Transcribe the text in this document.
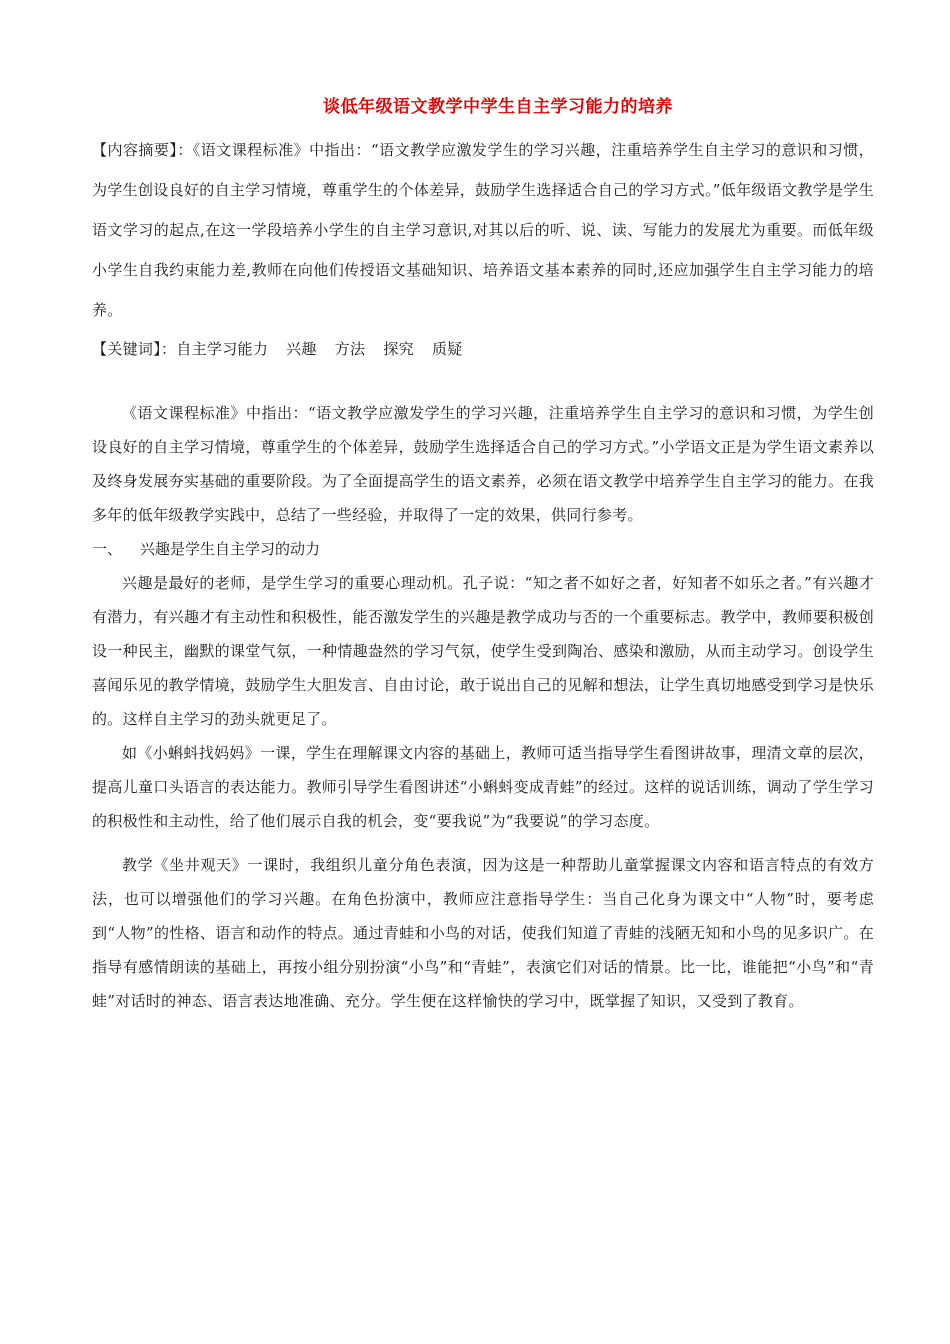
谈低年级语文教学中学生自主学习能力的培养

【内容摘要】：《语文课程标准》中指出：“语文教学应激发学生的学习兴趣，注重培养学生自主学习的意识和习惯，为学生创设良好的自主学习情境，尊重学生的个体差异，鼓励学生选择适合自己的学习方式。”低年级语文教学是学生语文学习的起点,在这一学段培养小学生的自主学习意识,对其以后的听、说、读、写能力的发展尤为重要。而低年级小学生自我约束能力差,教师在向他们传授语文基础知识、培养语文基本素养的同时,还应加强学生自主学习能力的培养。

【关键词】：自主学习能力 兴趣 方法 探究 质疑

《语文课程标准》中指出：“语文教学应激发学生的学习兴趣，注重培养学生自主学习的意识和习惯，为学生创设良好的自主学习情境，尊重学生的个体差异，鼓励学生选择适合自己的学习方式。”小学语文正是为学生语文素养以及终身发展夯实基础的重要阶段。为了全面提高学生的语文素养，必须在语文教学中培养学生自主学习的能力。在我多年的低年级教学实践中，总结了一些经验，并取得了一定的效果，供同行参考。

一、 兴趣是学生自主学习的动力

兴趣是最好的老师，是学生学习的重要心理动机。孔子说：“知之者不如好之者，好知者不如乐之者。”有兴趣才有潜力，有兴趣才有主动性和积极性，能否激发学生的兴趣是教学成功与否的一个重要标志。教学中，教师要积极创设一种民主，幽默的课堂气氛，一种情趣盎然的学习气氛，使学生受到陶冶、感染和激励，从而主动学习。创设学生喜闻乐见的教学情境，鼓励学生大胆发言、自由讨论，敢于说出自己的见解和想法，让学生真切地感受到学习是快乐的。这样自主学习的劲头就更足了。

如《小蝌蚪找妈妈》一课，学生在理解课文内容的基础上，教师可适当指导学生看图讲故事，理清文章的层次，提高儿童口头语言的表达能力。教师引导学生看图讲述“小蝌蚪变成青蛙”的经过。这样的说话训练，调动了学生学习的积极性和主动性，给了他们展示自我的机会，变“要我说”为“我要说”的学习态度。

教学《坐井观天》一课时，我组织儿童分角色表演，因为这是一种帮助儿童掌握课文内容和语言特点的有效方法，也可以增强他们的学习兴趣。在角色扮演中，教师应注意指导学生：当自己化身为课文中“人物”时，要考虑到“人物”的性格、语言和动作的特点。通过青蛙和小鸟的对话，使我们知道了青蛙的浅陋无知和小鸟的见多识广。在指导有感情朗读的基础上，再按小组分别扮演“小鸟”和“青蛙”，表演它们对话的情景。比一比，谁能把“小鸟”和“青蛙”对话时的神态、语言表达地准确、充分。学生便在这样愉快的学习中，既掌握了知识，又受到了教育。
